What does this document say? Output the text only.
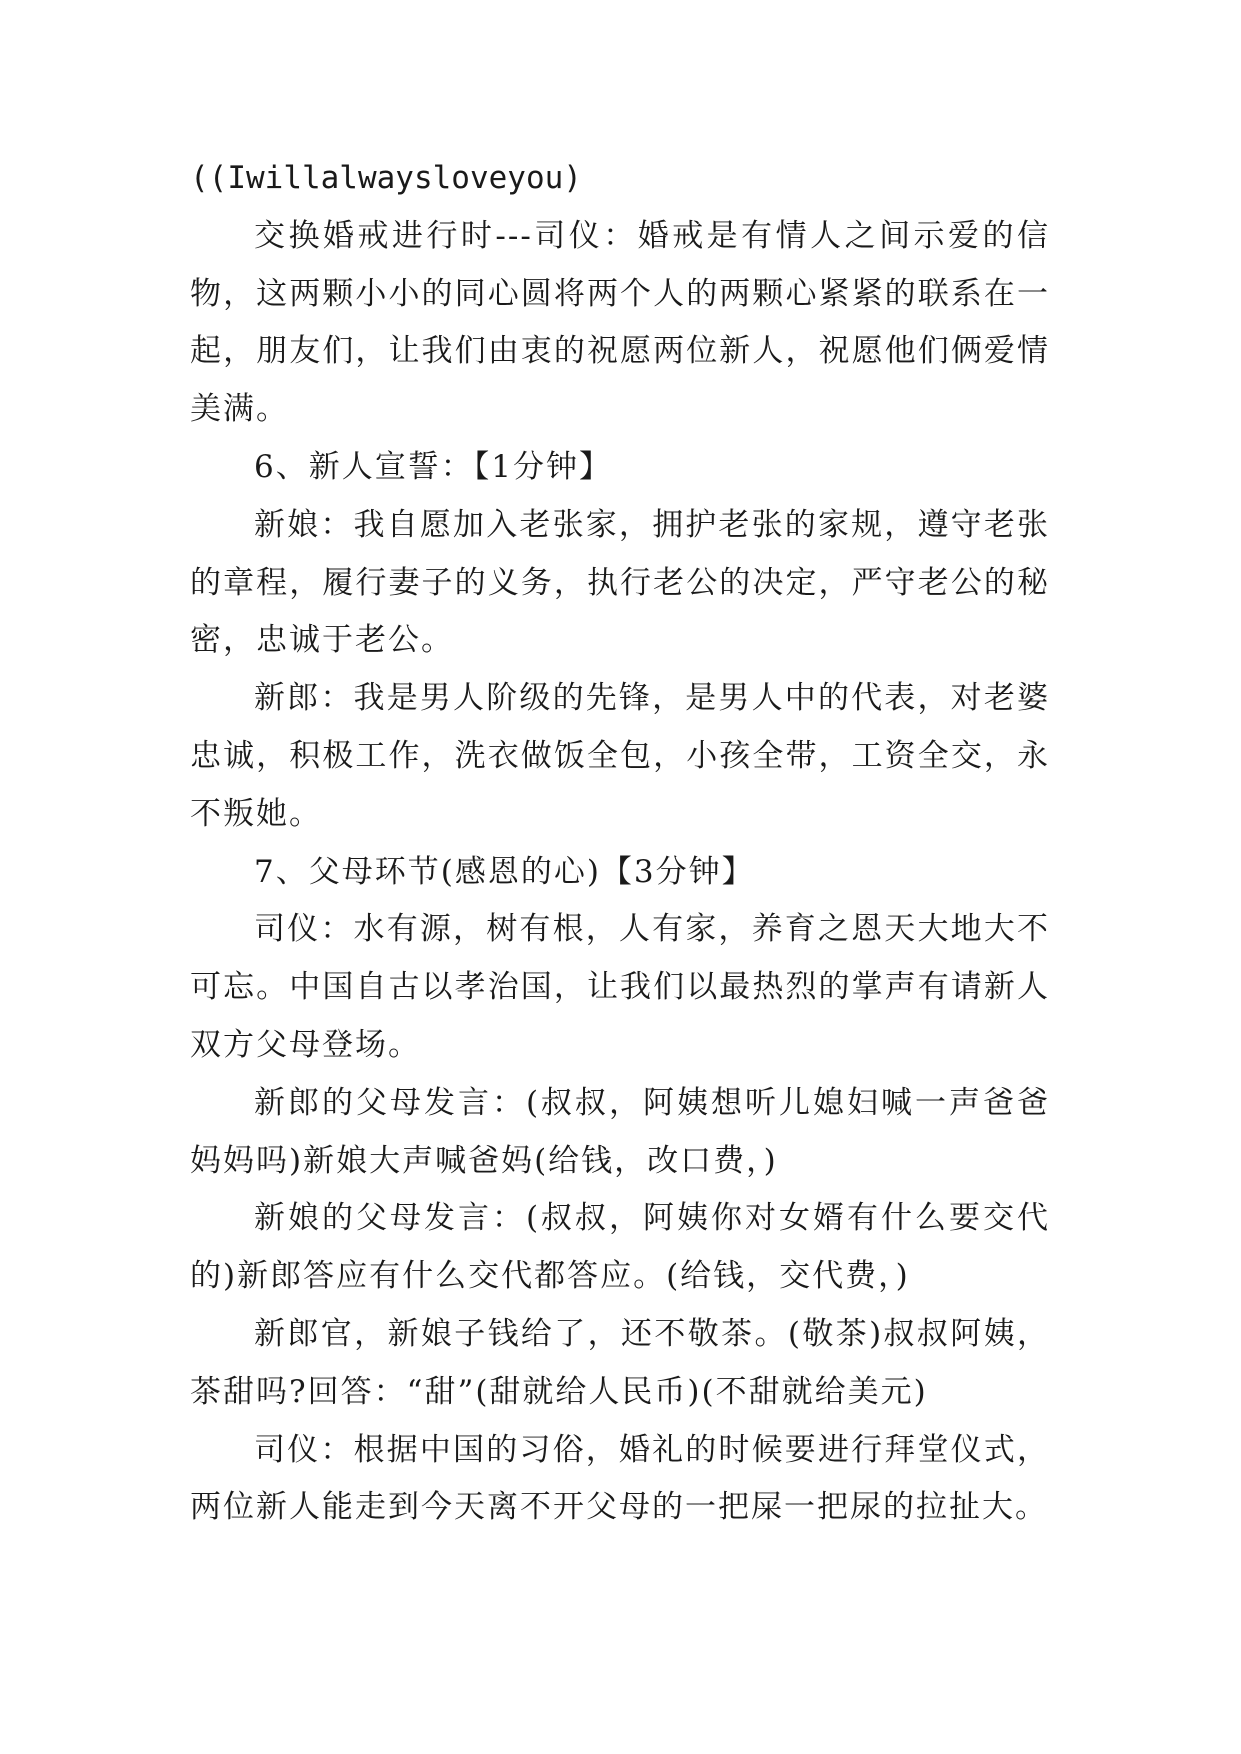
((Iwillalwaysloveyou)

交换婚戒进行时---司仪：婚戒是有情人之间示爱的信物，这两颗小小的同心圆将两个人的两颗心紧紧的联系在一起，朋友们，让我们由衷的祝愿两位新人，祝愿他们俩爱情美满。

6、新人宣誓：【1分钟】

新娘：我自愿加入老张家，拥护老张的家规，遵守老张的章程，履行妻子的义务，执行老公的决定，严守老公的秘密，忠诚于老公。

新郎：我是男人阶级的先锋，是男人中的代表，对老婆忠诚，积极工作，洗衣做饭全包，小孩全带，工资全交，永不叛她。

7、父母环节(感恩的心)【3分钟】

司仪：水有源，树有根，人有家，养育之恩天大地大不可忘。中国自古以孝治国，让我们以最热烈的掌声有请新人双方父母登场。

新郎的父母发言：(叔叔，阿姨想听儿媳妇喊一声爸爸妈妈吗)新娘大声喊爸妈(给钱，改口费，)

新娘的父母发言：(叔叔，阿姨你对女婿有什么要交代的)新郎答应有什么交代都答应。(给钱，交代费，)

新郎官，新娘子钱给了，还不敬茶。(敬茶)叔叔阿姨，茶甜吗?回答：“甜”(甜就给人民币)(不甜就给美元)

司仪：根据中国的习俗，婚礼的时候要进行拜堂仪式，两位新人能走到今天离不开父母的一把屎一把尿的拉扯大。
